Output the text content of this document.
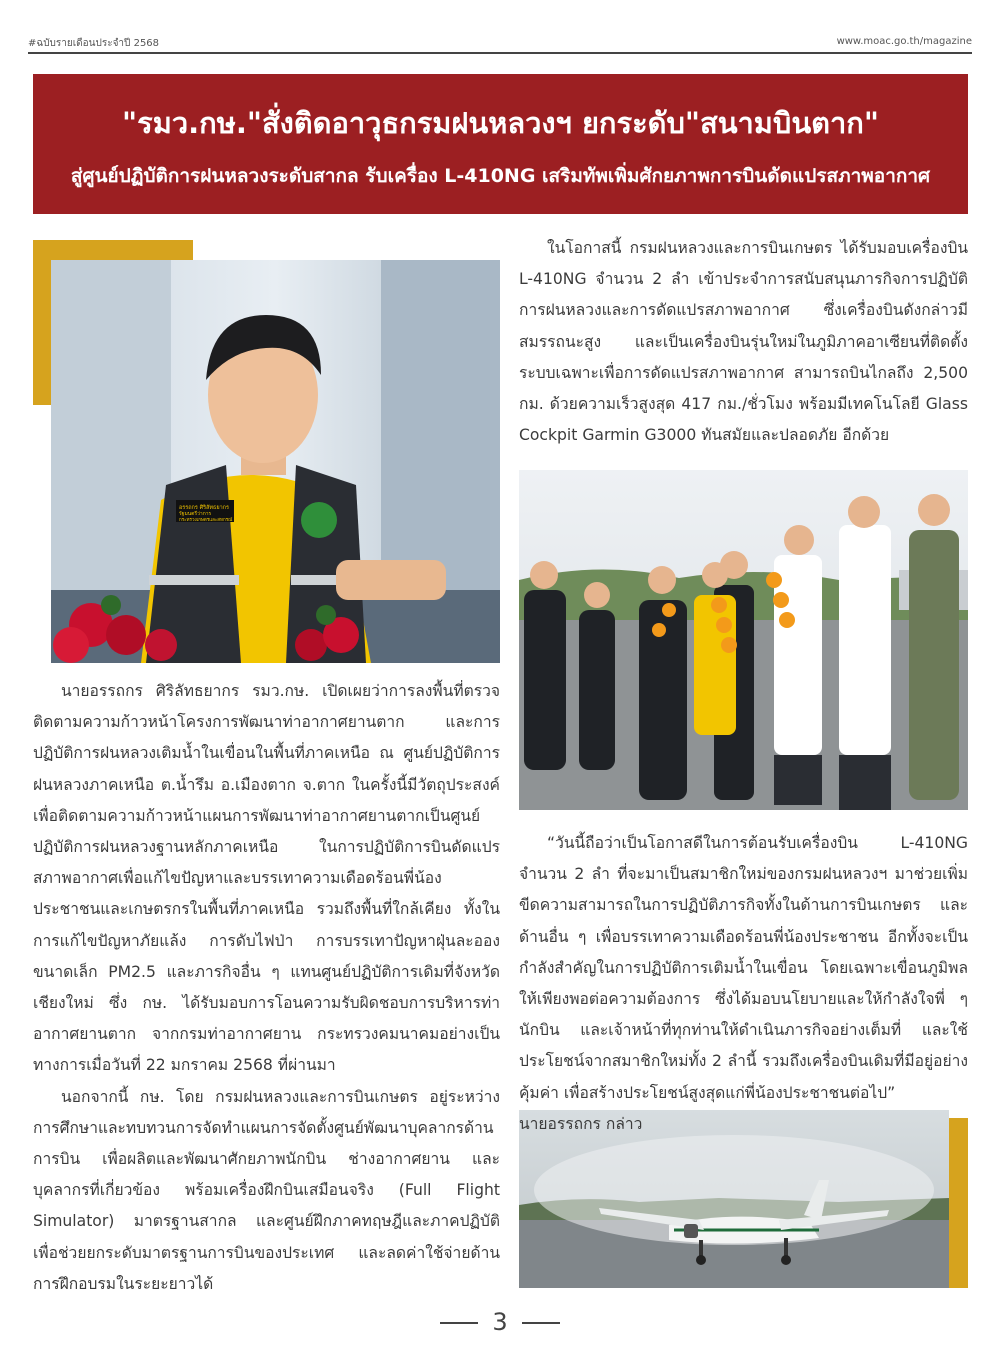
#ฉบับรายเดือนประจำปี 2568	www.moac.go.th/magazine
"รมว.กษ."สั่งติดอาวุธกรมฝนหลวงฯ ยกระดับ"สนามบินตาก"
สู่ศูนย์ปฏิบัติการฝนหลวงระดับสากล รับเครื่อง L-410NG เสริมทัพเพิ่มศักยภาพการบินดัดแปรสภาพอากาศ
อรรถกร ศิริลัทธยากร
รัฐมนตรีว่าการ
กระทรวงเกษตรและสหกรณ์

ในโอกาสนี้ กรมฝนหลวงและการบินเกษตร ได้รับมอบเครื่องบิน L-410NG จำนวน 2 ลำ เข้าประจำการสนับสนุนภารกิจการปฏิบัติการฝนหลวงและการดัดแปรสภาพอากาศ ซึ่งเครื่องบินดังกล่าวมีสมรรถนะสูง และเป็นเครื่องบินรุ่นใหม่ในภูมิภาคอาเซียนที่ติดตั้งระบบเฉพาะเพื่อการดัดแปรสภาพอากาศ สามารถบินไกลถึง 2,500 กม. ด้วยความเร็วสูงสุด 417 กม./ชั่วโมง พร้อมมีเทคโนโลยี Glass Cockpit Garmin G3000 ทันสมัยและปลอดภัย อีกด้วย

นายอรรถกร ศิริลัทธยากร รมว.กษ. เปิดเผยว่าการลงพื้นที่ตรวจติดตามความก้าวหน้าโครงการพัฒนาท่าอากาศยานตาก และการปฏิบัติการฝนหลวงเติมน้ำในเขื่อนในพื้นที่ภาคเหนือ ณ ศูนย์ปฏิบัติการฝนหลวงภาคเหนือ ต.น้ำรึม อ.เมืองตาก จ.ตาก ในครั้งนี้มีวัตถุประสงค์เพื่อติดตามความก้าวหน้าแผนการพัฒนาท่าอากาศยานตากเป็นศูนย์ปฏิบัติการฝนหลวงฐานหลักภาคเหนือ ในการปฏิบัติการบินดัดแปรสภาพอากาศเพื่อแก้ไขปัญหาและบรรเทาความเดือดร้อนพี่น้องประชาชนและเกษตรกรในพื้นที่ภาคเหนือ รวมถึงพื้นที่ใกล้เคียง ทั้งในการแก้ไขปัญหาภัยแล้ง การดับไฟป่า การบรรเทาปัญหาฝุ่นละอองขนาดเล็ก PM2.5 และภารกิจอื่น ๆ แทนศูนย์ปฏิบัติการเดิมที่จังหวัดเชียงใหม่ ซึ่ง กษ. ได้รับมอบการโอนความรับผิดชอบการบริหารท่าอากาศยานตาก จากกรมท่าอากาศยาน กระทรวงคมนาคมอย่างเป็นทางการเมื่อวันที่ 22 มกราคม 2568 ที่ผ่านมา

นอกจากนี้ กษ. โดย กรมฝนหลวงและการบินเกษตร อยู่ระหว่างการศึกษาและทบทวนการจัดทำแผนการจัดตั้งศูนย์พัฒนาบุคลากรด้านการบิน เพื่อผลิตและพัฒนาศักยภาพนักบิน ช่างอากาศยาน และบุคลากรที่เกี่ยวข้อง พร้อมเครื่องฝึกบินเสมือนจริง (Full Flight Simulator) มาตรฐานสากล และศูนย์ฝึกภาคทฤษฎีและภาคปฏิบัติ เพื่อช่วยยกระดับมาตรฐานการบินของประเทศ และลดค่าใช้จ่ายด้านการฝึกอบรมในระยะยาวได้

“วันนี้ถือว่าเป็นโอกาสดีในการต้อนรับเครื่องบิน L-410NG จำนวน 2 ลำ ที่จะมาเป็นสมาชิกใหม่ของกรมฝนหลวงฯ มาช่วยเพิ่มขีดความสามารถในการปฏิบัติภารกิจทั้งในด้านการบินเกษตร และด้านอื่น ๆ เพื่อบรรเทาความเดือดร้อนพี่น้องประชาชน อีกทั้งจะเป็นกำลังสำคัญในการปฏิบัติการเติมน้ำในเขื่อน โดยเฉพาะเขื่อนภูมิพลให้เพียงพอต่อความต้องการ ซึ่งได้มอบนโยบายและให้กำลังใจพี่ ๆ นักบิน และเจ้าหน้าที่ทุกท่านให้ดำเนินภารกิจอย่างเต็มที่ และใช้ประโยชน์จากสมาชิกใหม่ทั้ง 2 ลำนี้ รวมถึงเครื่องบินเดิมที่มีอยู่อย่างคุ้มค่า เพื่อสร้างประโยชน์สูงสุดแก่พี่น้องประชาชนต่อไป”

นายอรรถกร กล่าว

3
